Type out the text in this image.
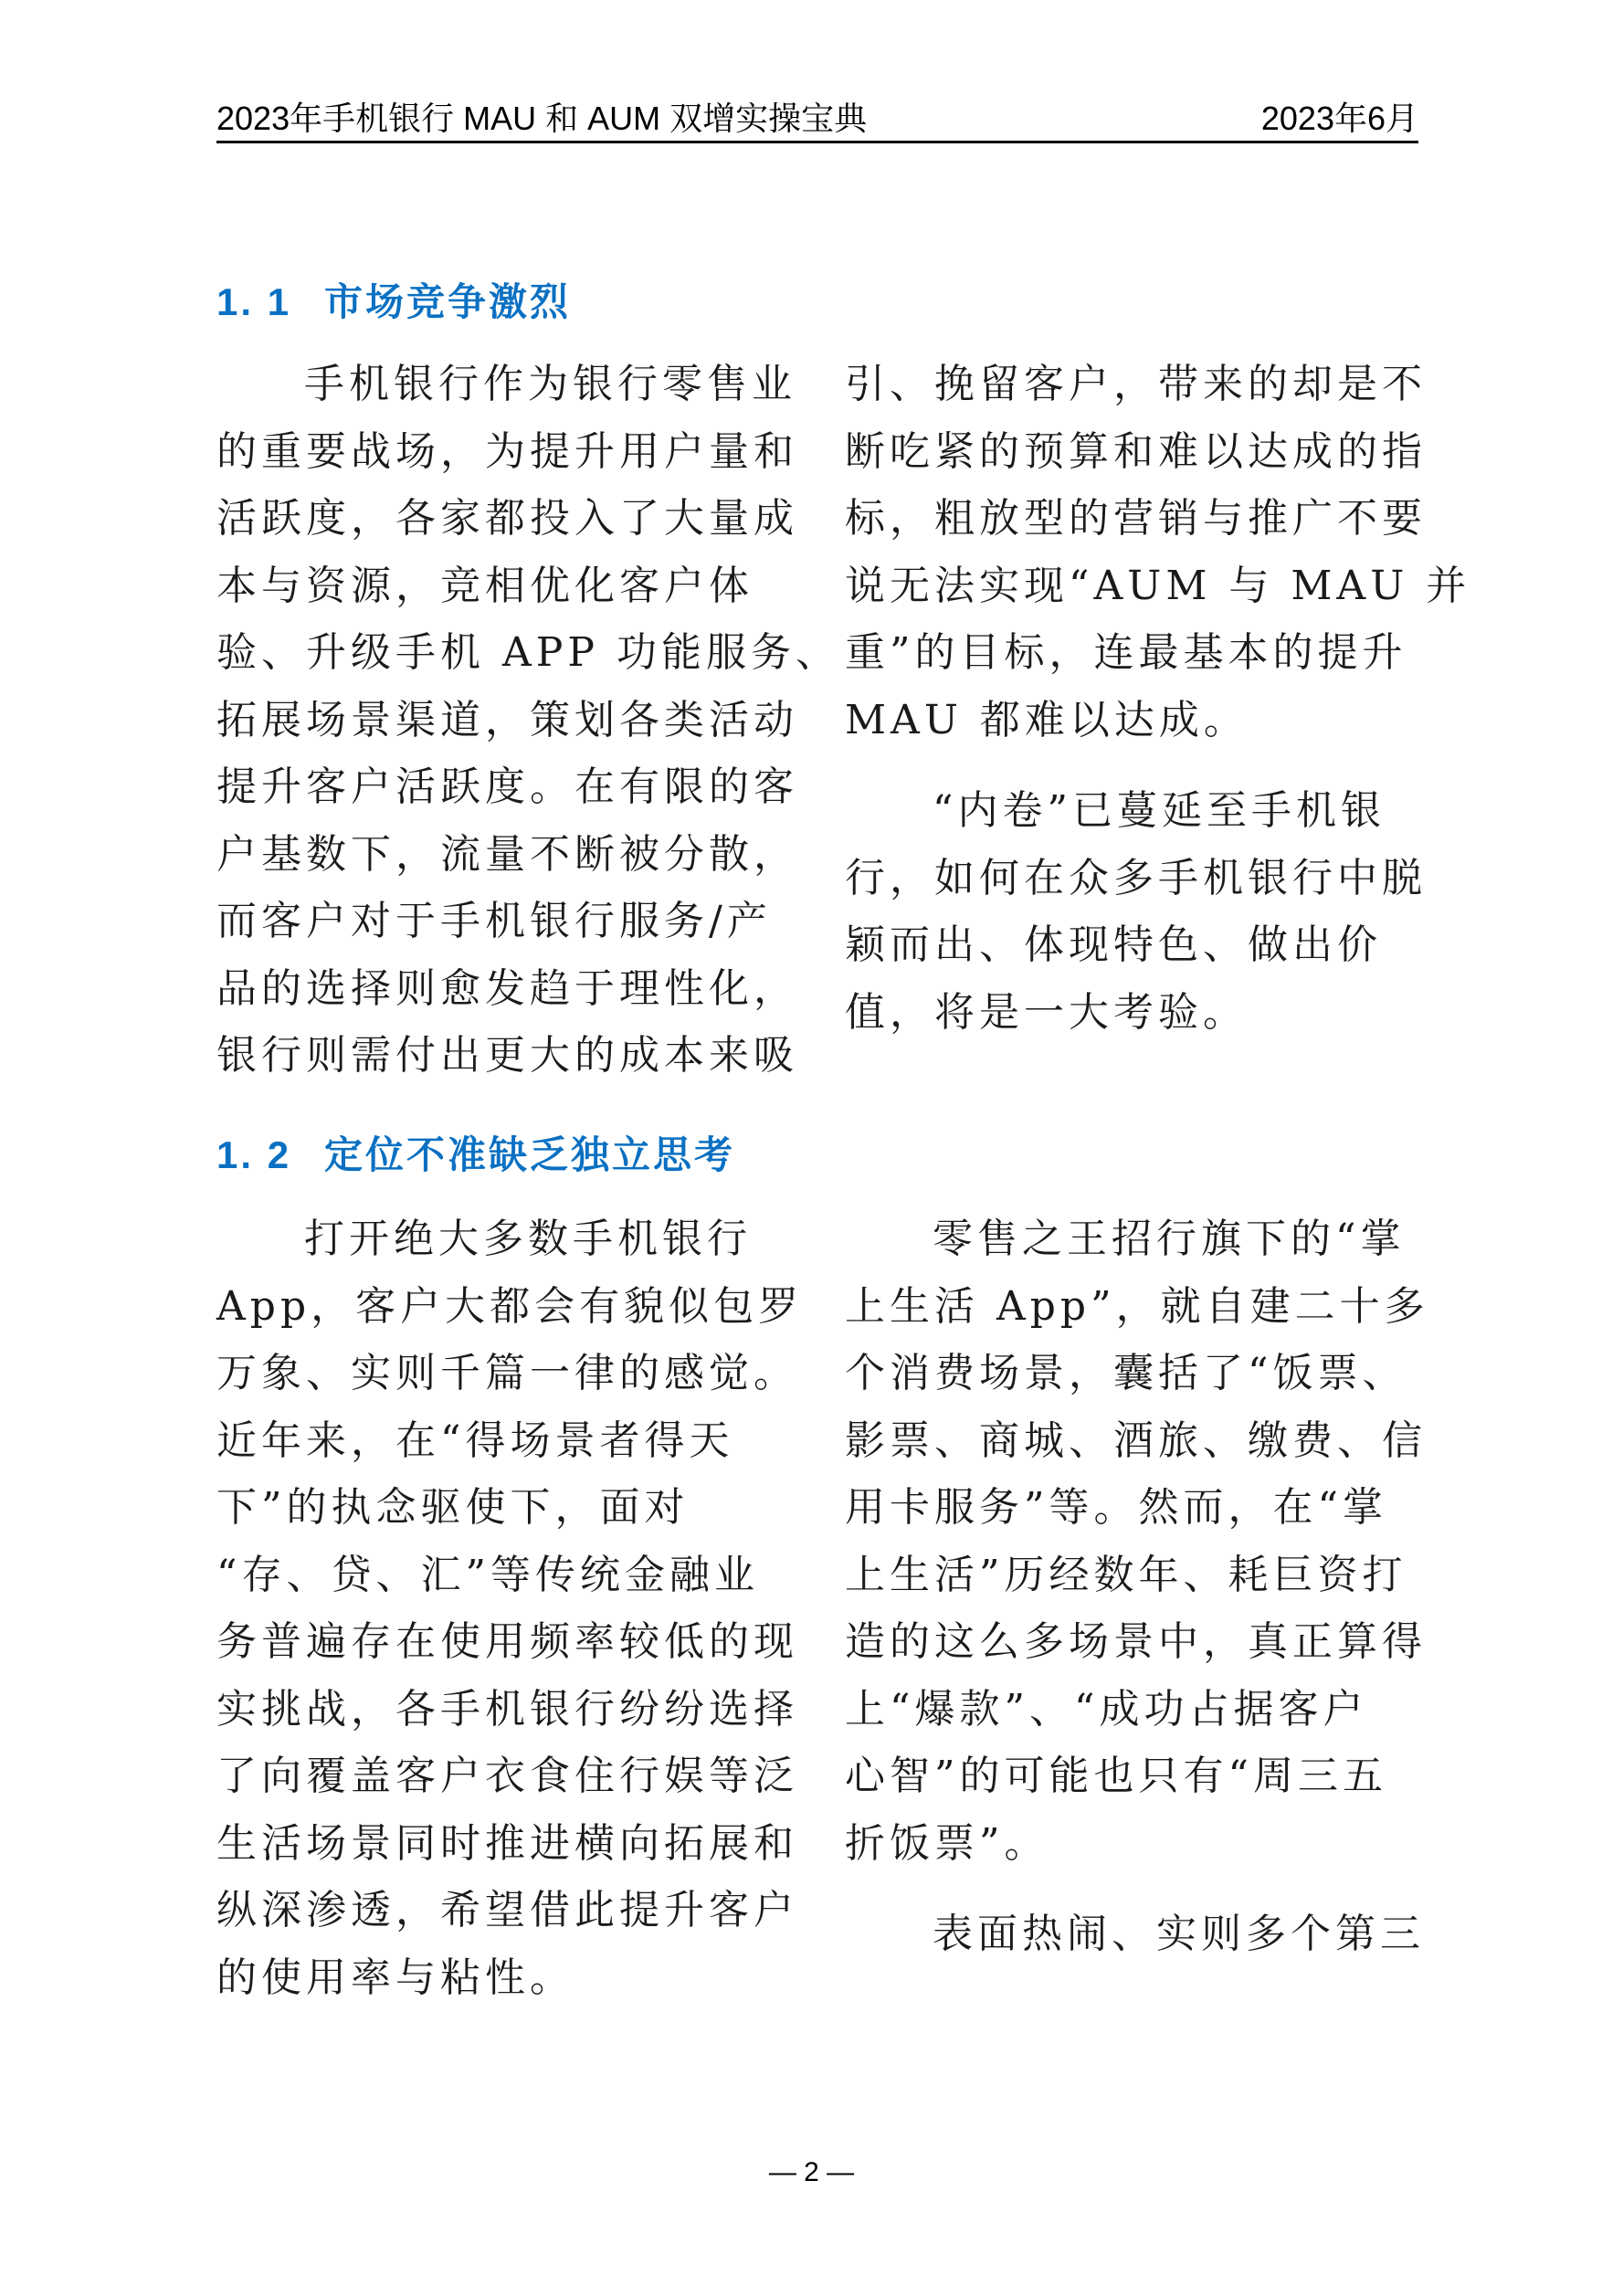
2023年手机银行 MAU 和 AUM 双增实操宝典	2023年6月
1. 1 市场竞争激烈

手机银行作为银行零售业
的重要战场，为提升用户量和
活跃度，各家都投入了大量成
本与资源，竞相优化客户体
验、升级手机 APP 功能服务、
拓展场景渠道，策划各类活动
提升客户活跃度。在有限的客
户基数下，流量不断被分散，
而客户对于手机银行服务/产
品的选择则愈发趋于理性化，
银行则需付出更大的成本来吸

引、挽留客户，带来的却是不
断吃紧的预算和难以达成的指
标，粗放型的营销与推广不要
说无法实现“AUM 与 MAU 并
重”的目标，连最基本的提升
MAU 都难以达成。

“内卷”已蔓延至手机银
行，如何在众多手机银行中脱
颖而出、体现特色、做出价
值，将是一大考验。

1. 2 定位不准缺乏独立思考

打开绝大多数手机银行
App，客户大都会有貌似包罗
万象、实则千篇一律的感觉。
近年来，在“得场景者得天
下”的执念驱使下，面对
“存、贷、汇”等传统金融业
务普遍存在使用频率较低的现
实挑战，各手机银行纷纷选择
了向覆盖客户衣食住行娱等泛
生活场景同时推进横向拓展和
纵深渗透，希望借此提升客户
的使用率与粘性。

零售之王招行旗下的“掌
上生活 App”，就自建二十多
个消费场景，囊括了“饭票、
影票、商城、酒旅、缴费、信
用卡服务”等。然而，在“掌
上生活”历经数年、耗巨资打
造的这么多场景中，真正算得
上“爆款”、“成功占据客户
心智”的可能也只有“周三五
折饭票”。

表面热闹、实则多个第三

— 2 —
